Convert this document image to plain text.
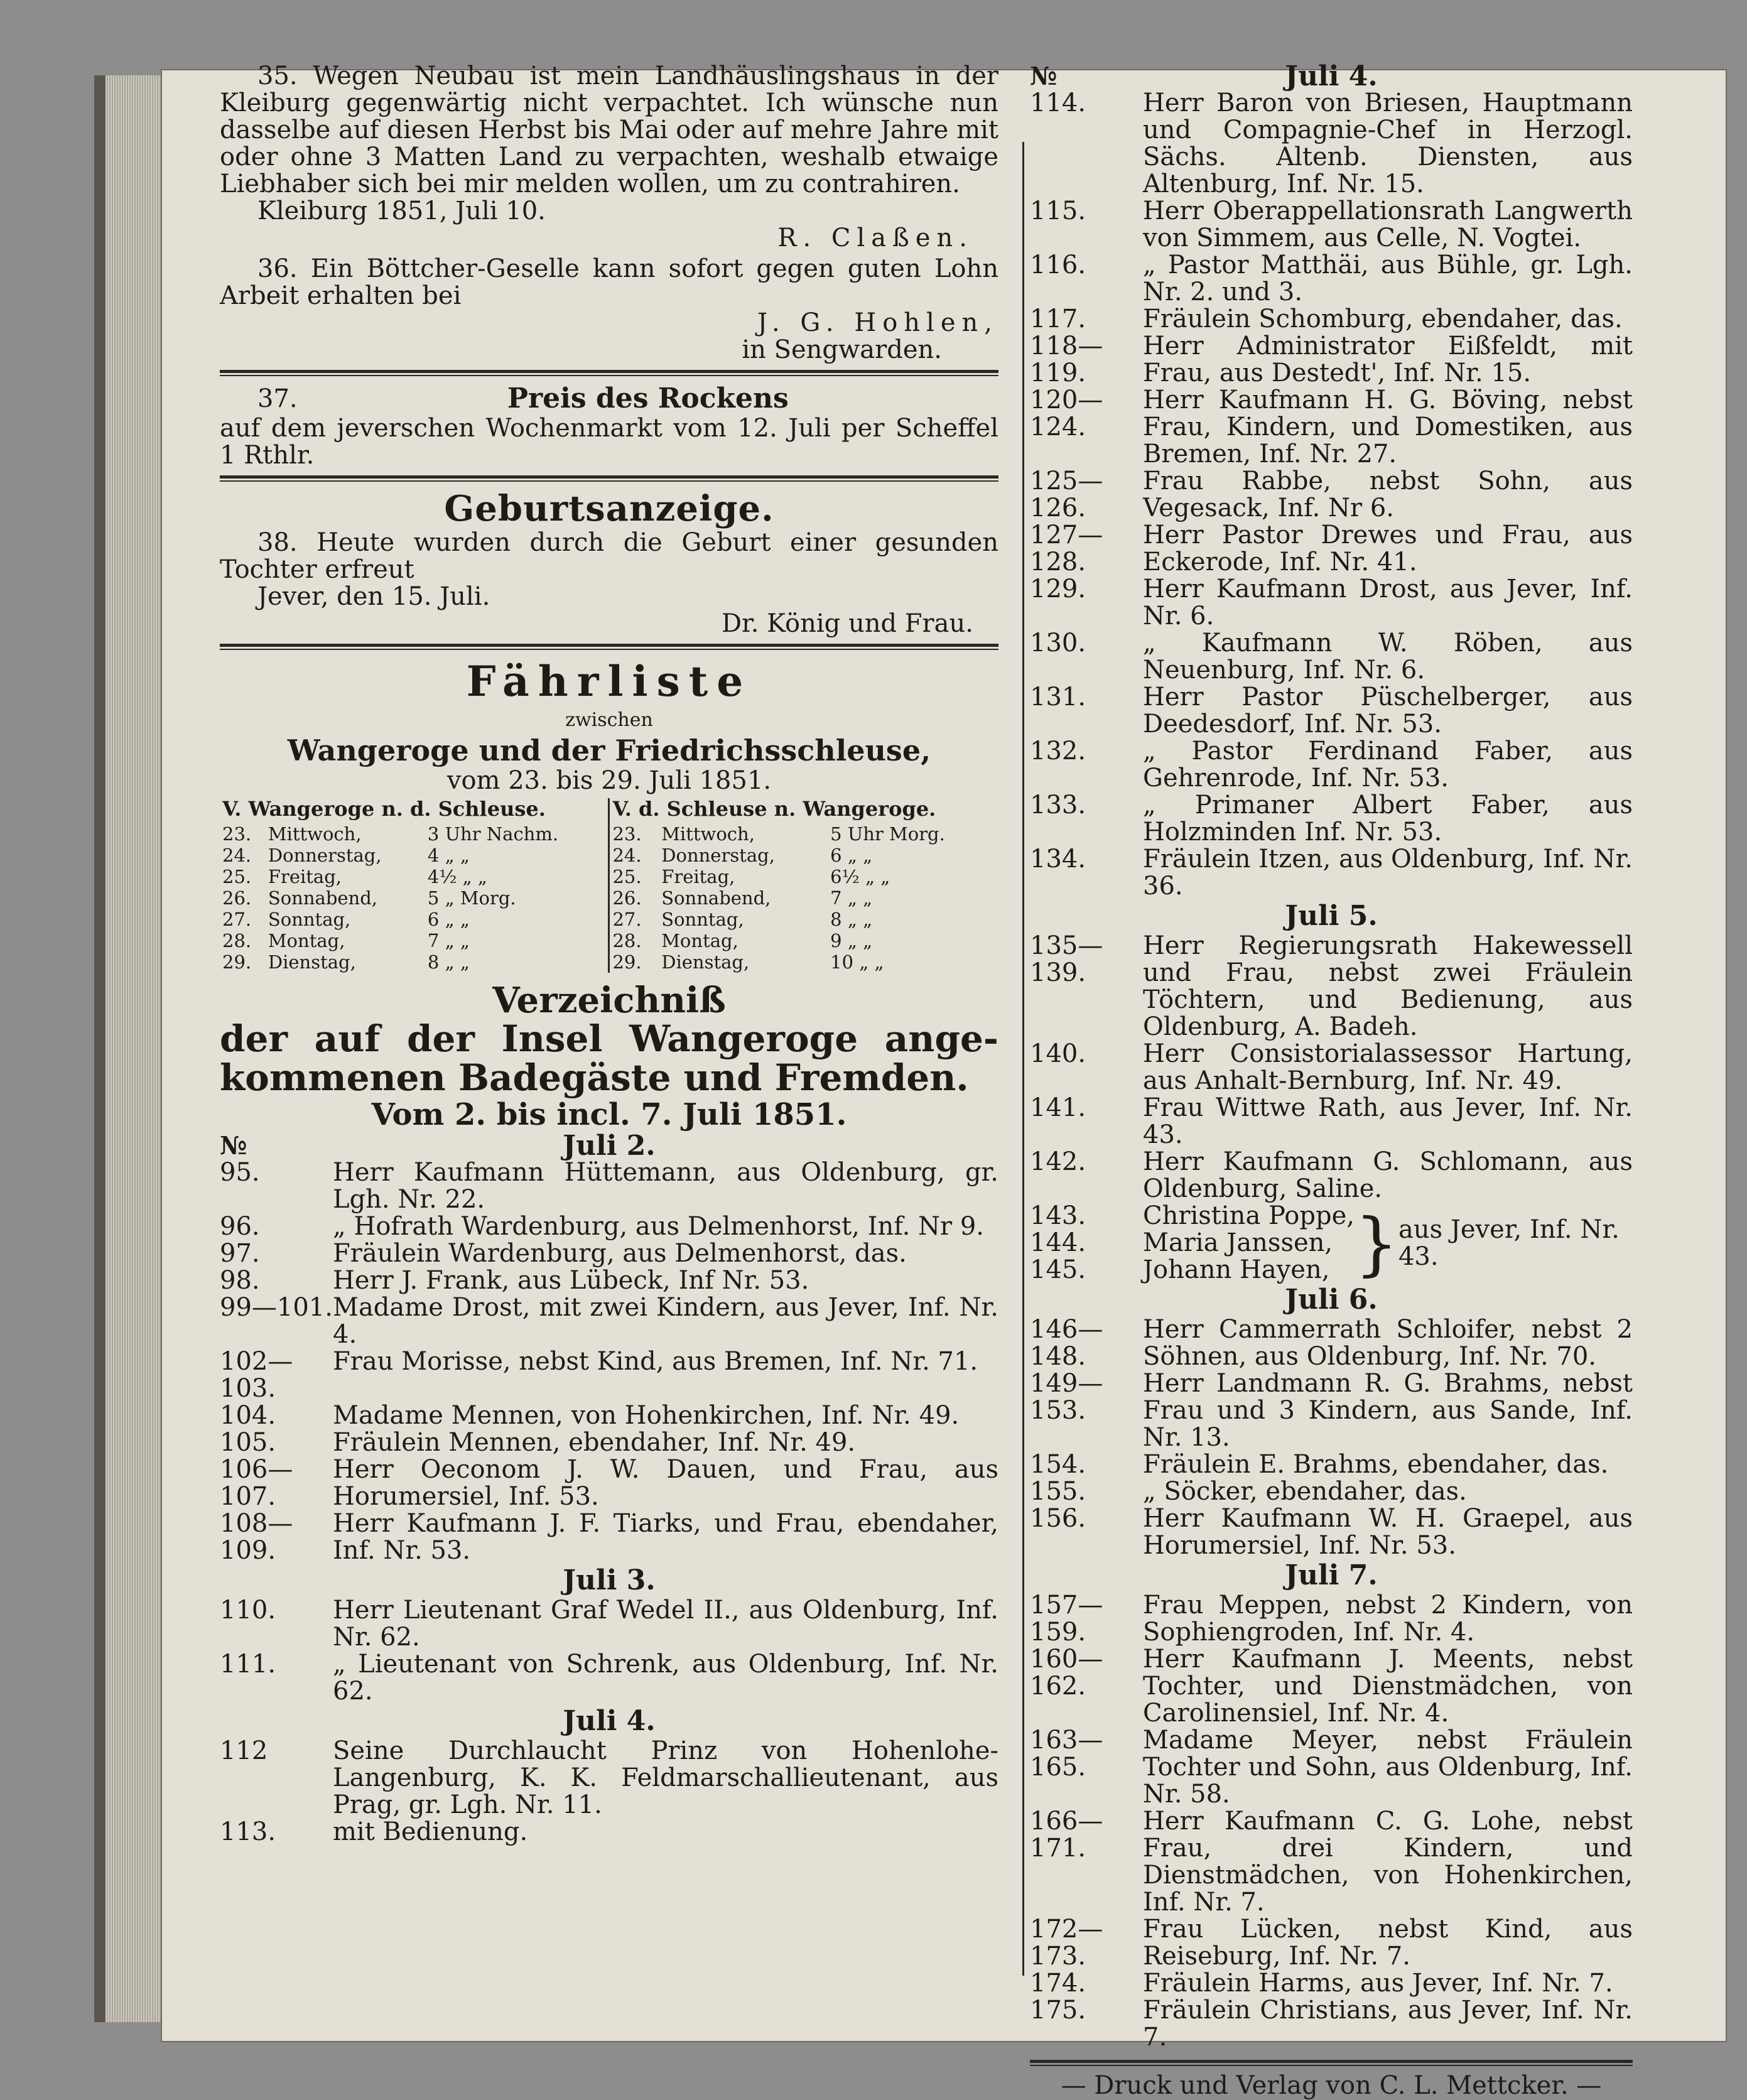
35. Wegen Neubau ist mein Landhäuslingshaus in der Kleiburg gegenwärtig nicht verpachtet. Ich wünsche nun dasselbe auf diesen Herbst bis Mai oder auf mehre Jahre mit oder ohne 3 Matten Land zu verpachten, weshalb etwaige Liebhaber sich bei mir melden wollen, um zu contrahiren.

Kleiburg 1851, Juli 10.

R. Claßen.

36. Ein Böttcher-Geselle kann sofort gegen guten Lohn Arbeit erhalten bei

J. G. Hohlen,

in Sengwarden.

37.	Preis des Rockens

auf dem jeverschen Wochenmarkt vom 12. Juli per Scheffel 1 Rthlr.

Geburtsanzeige.

38. Heute wurden durch die Geburt einer gesunden Tochter erfreut

Jever, den 15. Juli.

Dr. König und Frau.

Fährliste

zwischen

Wangeroge und der Friedrichsschleuse,

vom 23. bis 29. Juli 1851.

V. Wangeroge n. d. Schleuse.			V. d. Schleuse n. Wangeroge.		
23.	Mittwoch,	3 Uhr Nachm.	23.	Mittwoch,	5 Uhr Morg.
24.	Donnerstag,	4 „ „	24.	Donnerstag,	6 „ „
25.	Freitag,	4½ „ „	25.	Freitag,	6½ „ „
26.	Sonnabend,	5 „ Morg.	26.	Sonnabend,	7 „ „
27.	Sonntag,	6 „ „	27.	Sonntag,	8 „ „
28.	Montag,	7 „ „	28.	Montag,	9 „ „
29.	Dienstag,	8 „ „	29.	Dienstag,	10 „ „

Verzeichniß

der auf der Insel Wangeroge ange-kommenen Badegäste und Fremden.

Vom 2. bis incl. 7. Juli 1851.

№	Juli 2.

95.	Herr Kaufmann Hüttemann, aus Oldenburg, gr. Lgh. Nr. 22.
96.	„ Hofrath Wardenburg, aus Delmenhorst, Inf. Nr 9.
97.	Fräulein Wardenburg, aus Delmenhorst, das.
98.	Herr J. Frank, aus Lübeck, Inf Nr. 53.
99—101. Madame Drost, mit zwei Kindern, aus Jever, Inf. Nr. 4.
102—103.
Frau Morisse, nebst Kind, aus Bremen, Inf. Nr. 71.
104.	Madame Mennen, von Hohenkirchen, Inf. Nr. 49.
105.	Fräulein Mennen, ebendaher, Inf. Nr. 49.
106—107.
Herr Oeconom J. W. Dauen, und Frau, aus Horumersiel, Inf. 53.
108—109.
Herr Kaufmann J. F. Tiarks, und Frau, ebendaher, Inf. Nr. 53.

Juli 3.

110.	Herr Lieutenant Graf Wedel II., aus Oldenburg, Inf. Nr. 62.
111.	„ Lieutenant von Schrenk, aus Oldenburg, Inf. Nr. 62.

Juli 4.

112	Seine Durchlaucht Prinz von Hohenlohe-Langenburg, K. K. Feldmarschallieutenant, aus Prag, gr. Lgh. Nr. 11.
113.	mit Bedienung.

№	Juli 4.

114.	Herr Baron von Briesen, Hauptmann und Compagnie-Chef in Herzogl. Sächs. Altenb. Diensten, aus Altenburg, Inf. Nr. 15.
115.	Herr Oberappellationsrath Langwerth von Simmem, aus Celle, N. Vogtei.
116.	„ Pastor Matthäi, aus Bühle, gr. Lgh. Nr. 2. und 3.
117.	Fräulein Schomburg, ebendaher, das.
118—119.
Herr Administrator Eißfeldt, mit Frau, aus Destedt', Inf. Nr. 15.
120—124.
Herr Kaufmann H. G. Böving, nebst Frau, Kindern, und Domestiken, aus Bremen, Inf. Nr. 27.
125—126.
Frau Rabbe, nebst Sohn, aus Vegesack, Inf. Nr 6.
127—128.
Herr Pastor Drewes und Frau, aus Eckerode, Inf. Nr. 41.
129.	Herr Kaufmann Drost, aus Jever, Inf. Nr. 6.
130.	„ Kaufmann W. Röben, aus Neuenburg, Inf. Nr. 6.
131.	Herr Pastor Püschelberger, aus Deedesdorf, Inf. Nr. 53.
132.	„ Pastor Ferdinand Faber, aus Gehrenrode, Inf. Nr. 53.
133.	„ Primaner Albert Faber, aus Holzminden Inf. Nr. 53.
134.	Fräulein Itzen, aus Oldenburg, Inf. Nr. 36.

Juli 5.

135—139.
Herr Regierungsrath Hakewessell und Frau, nebst zwei Fräulein Töchtern, und Bedienung, aus Oldenburg, A. Badeh.
140.	Herr Consistorialassessor Hartung, aus Anhalt-Bernburg, Inf. Nr. 49.
141.	Frau Wittwe Rath, aus Jever, Inf. Nr. 43.
142.	Herr Kaufmann G. Schlomann, aus Oldenburg, Saline.
143.	Christina Poppe,
144.	Maria Janssen,
145.	Johann Hayen, } aus Jever, Inf. Nr. 43.

Juli 6.

146—148.
Herr Cammerrath Schloifer, nebst 2 Söhnen, aus Oldenburg, Inf. Nr. 70.
149—153.
Herr Landmann R. G. Brahms, nebst Frau und 3 Kindern, aus Sande, Inf. Nr. 13.
154.	Fräulein E. Brahms, ebendaher, das.
155.	„ Söcker, ebendaher, das.
156.	Herr Kaufmann W. H. Graepel, aus Horumersiel, Inf. Nr. 53.

Juli 7.

157—159.
Frau Meppen, nebst 2 Kindern, von Sophiengroden, Inf. Nr. 4.
160—162.
Herr Kaufmann J. Meents, nebst Tochter, und Dienstmädchen, von Carolinensiel, Inf. Nr. 4.
163—165.
Madame Meyer, nebst Fräulein Tochter und Sohn, aus Oldenburg, Inf. Nr. 58.
166—171.
Herr Kaufmann C. G. Lohe, nebst Frau, drei Kindern, und Dienstmädchen, von Hohenkirchen, Inf. Nr. 7.
172—173.
Frau Lücken, nebst Kind, aus Reiseburg, Inf. Nr. 7.
174.	Fräulein Harms, aus Jever, Inf. Nr. 7.
175.	Fräulein Christians, aus Jever, Inf. Nr. 7.

— Druck und Verlag von C. L. Mettcker. —
